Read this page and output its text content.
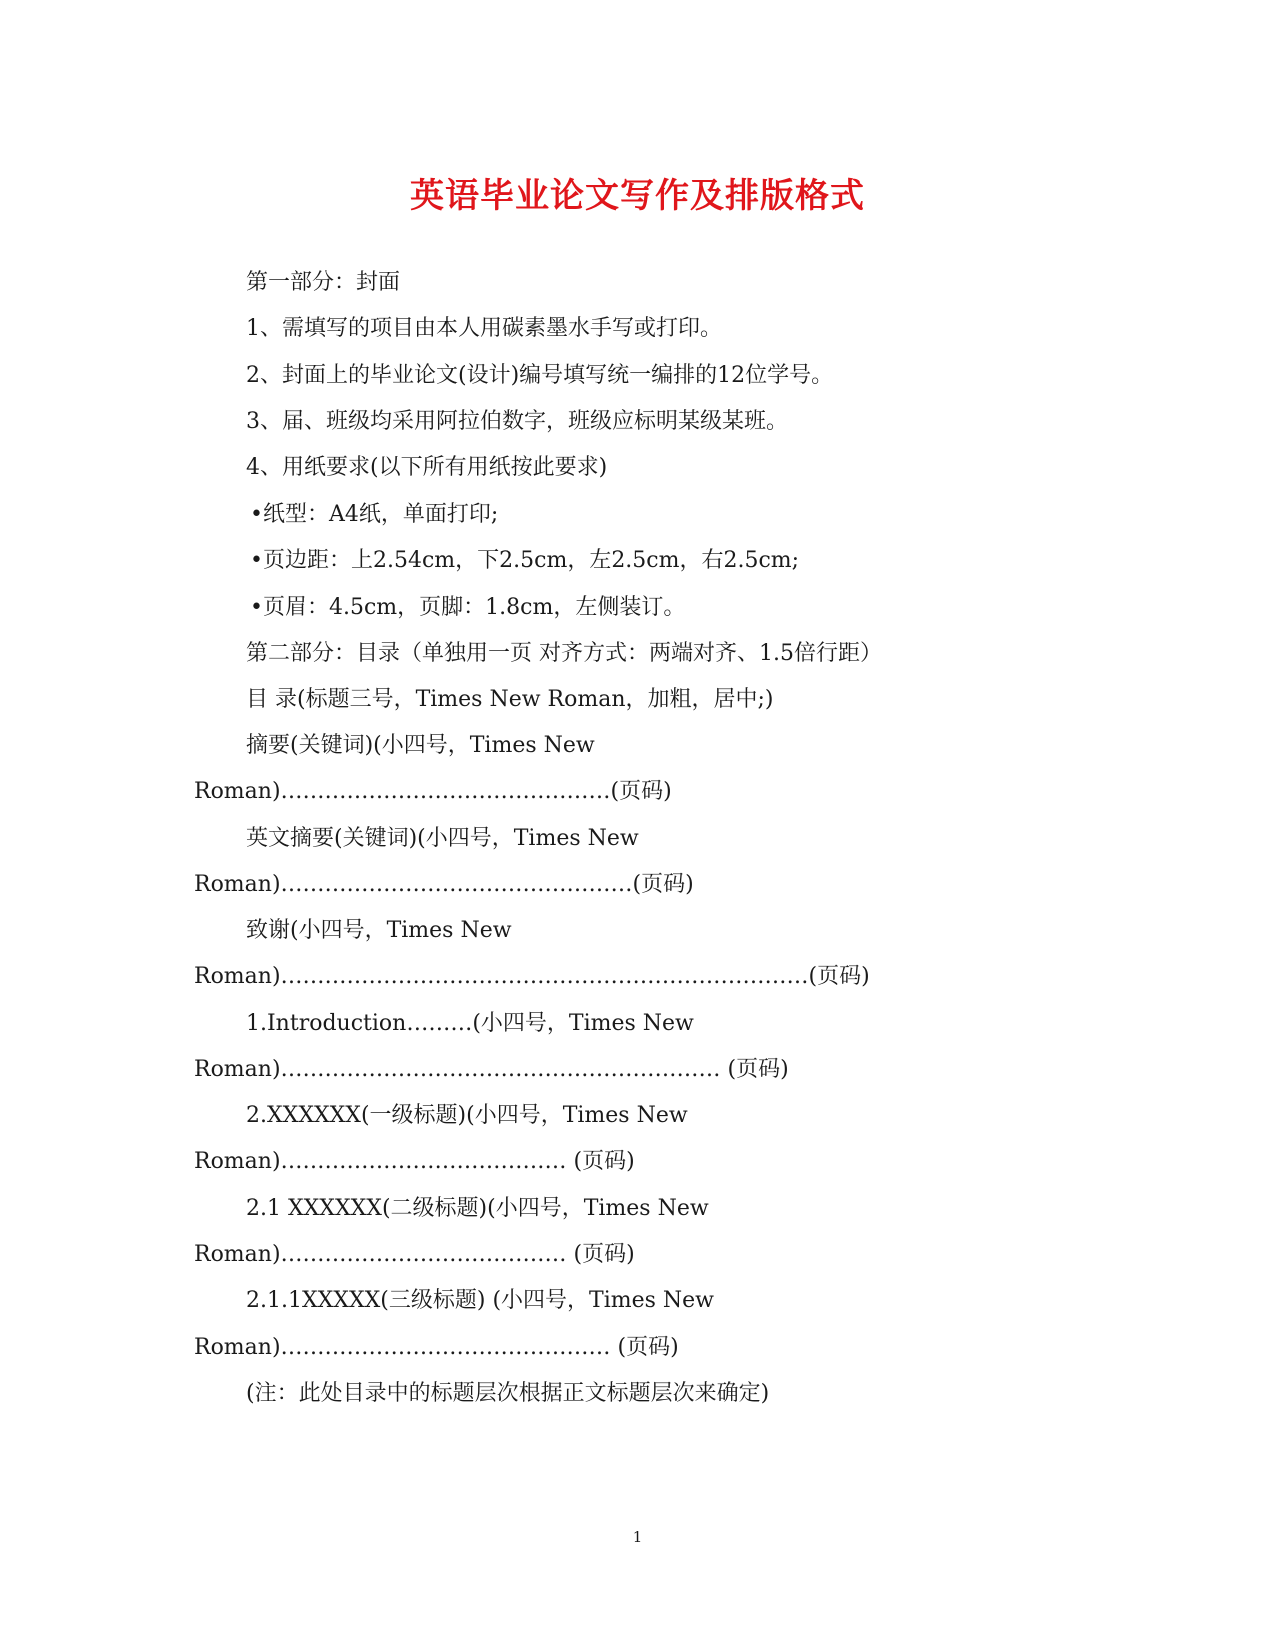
英语毕业论文写作及排版格式
第一部分：封面
1、需填写的项目由本人用碳素墨水手写或打印。
2、封面上的毕业论文(设计)编号填写统一编排的12位学号。
3、届、班级均采用阿拉伯数字，班级应标明某级某班。
4、用纸要求(以下所有用纸按此要求)
•纸型：A4纸，单面打印;
•页边距：上2.54cm，下2.5cm，左2.5cm，右2.5cm;
•页眉：4.5cm，页脚：1.8cm，左侧装订。
第二部分：目录（单独用一页 对齐方式：两端对齐、1.5倍行距）
目 录(标题三号，Times New Roman，加粗，居中;)
摘要(关键词)(小四号，Times New
Roman)………………………………………(页码)
英文摘要(关键词)(小四号，Times New
Roman)…………………………………………(页码)
致谢(小四号，Times New
Roman)………………………………………………………………(页码)
1.Introduction………(小四号，Times New
Roman)…………………………………………………… (页码)
2.XXXXXX(一级标题)(小四号，Times New
Roman)………………………………… (页码)
2.1 XXXXXX(二级标题)(小四号，Times New
Roman)………………………………… (页码)
2.1.1XXXXX(三级标题) (小四号，Times New
Roman)……………………………………… (页码)
(注：此处目录中的标题层次根据正文标题层次来确定)
1
